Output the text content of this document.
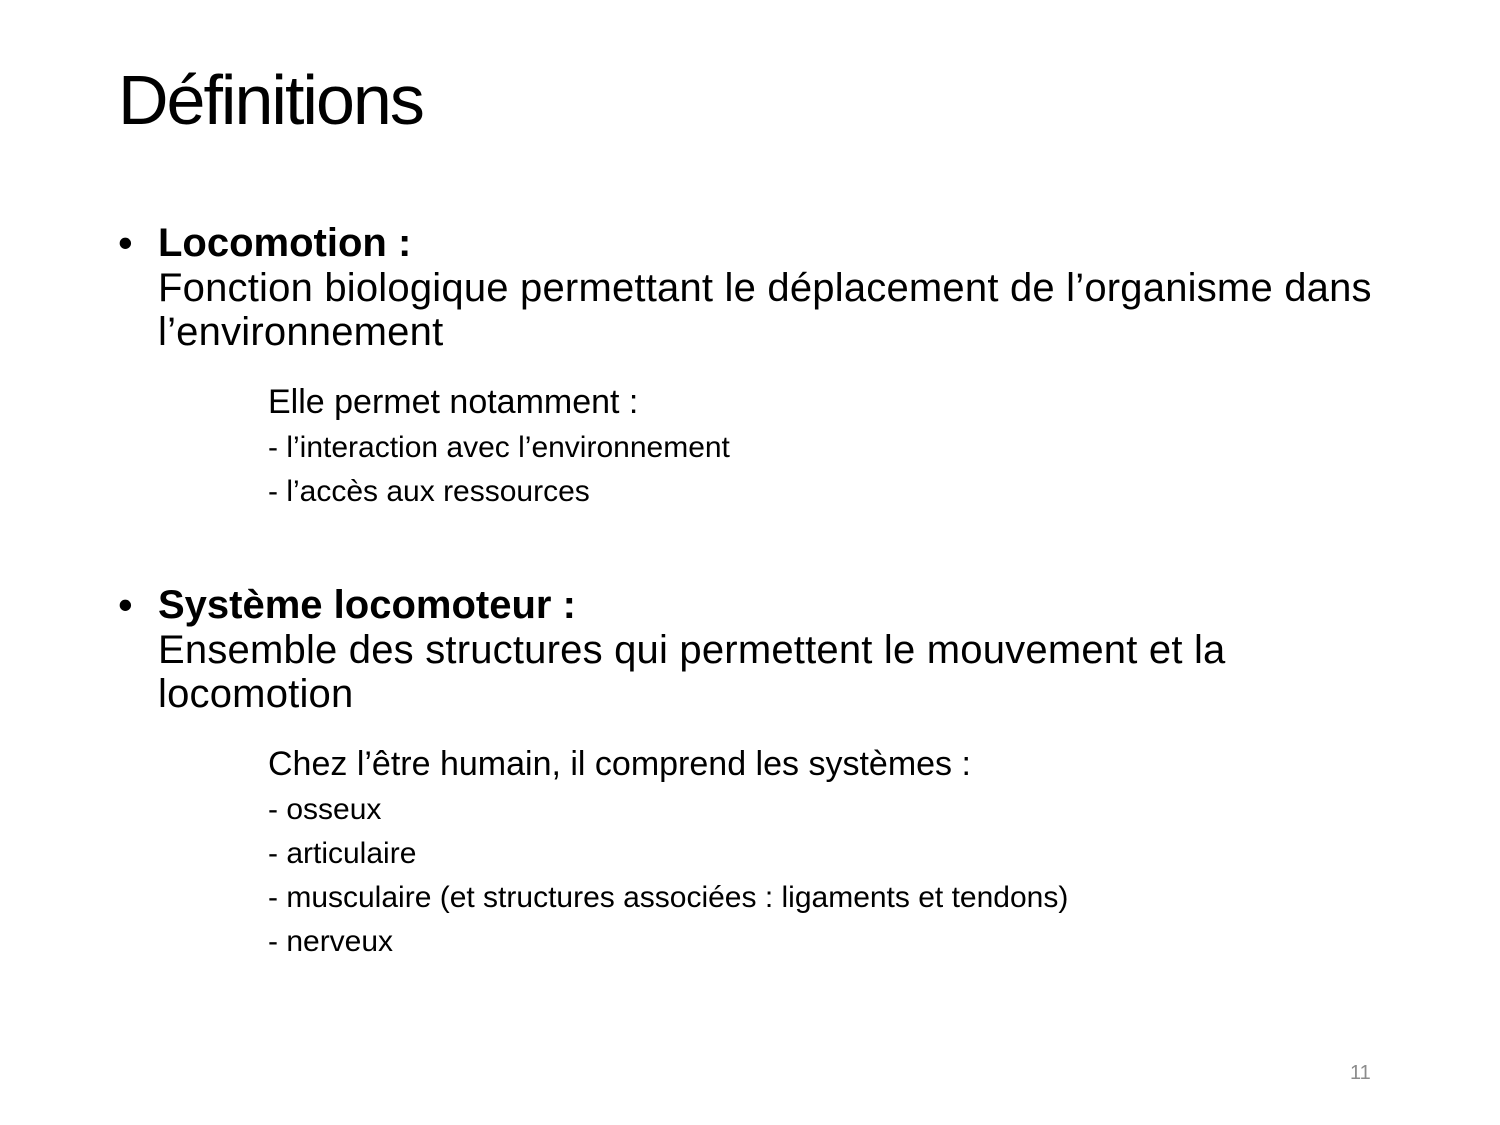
Définitions
• Locomotion :
Fonction biologique permettant le déplacement de l’organisme dans l’environnement
Elle permet notamment :
- l’interaction avec l’environnement
- l’accès aux ressources
• Système locomoteur :
Ensemble des structures qui permettent le mouvement et la locomotion
Chez l’être humain, il comprend les systèmes :
- osseux
- articulaire
- musculaire (et structures associées : ligaments et tendons)
- nerveux
11
